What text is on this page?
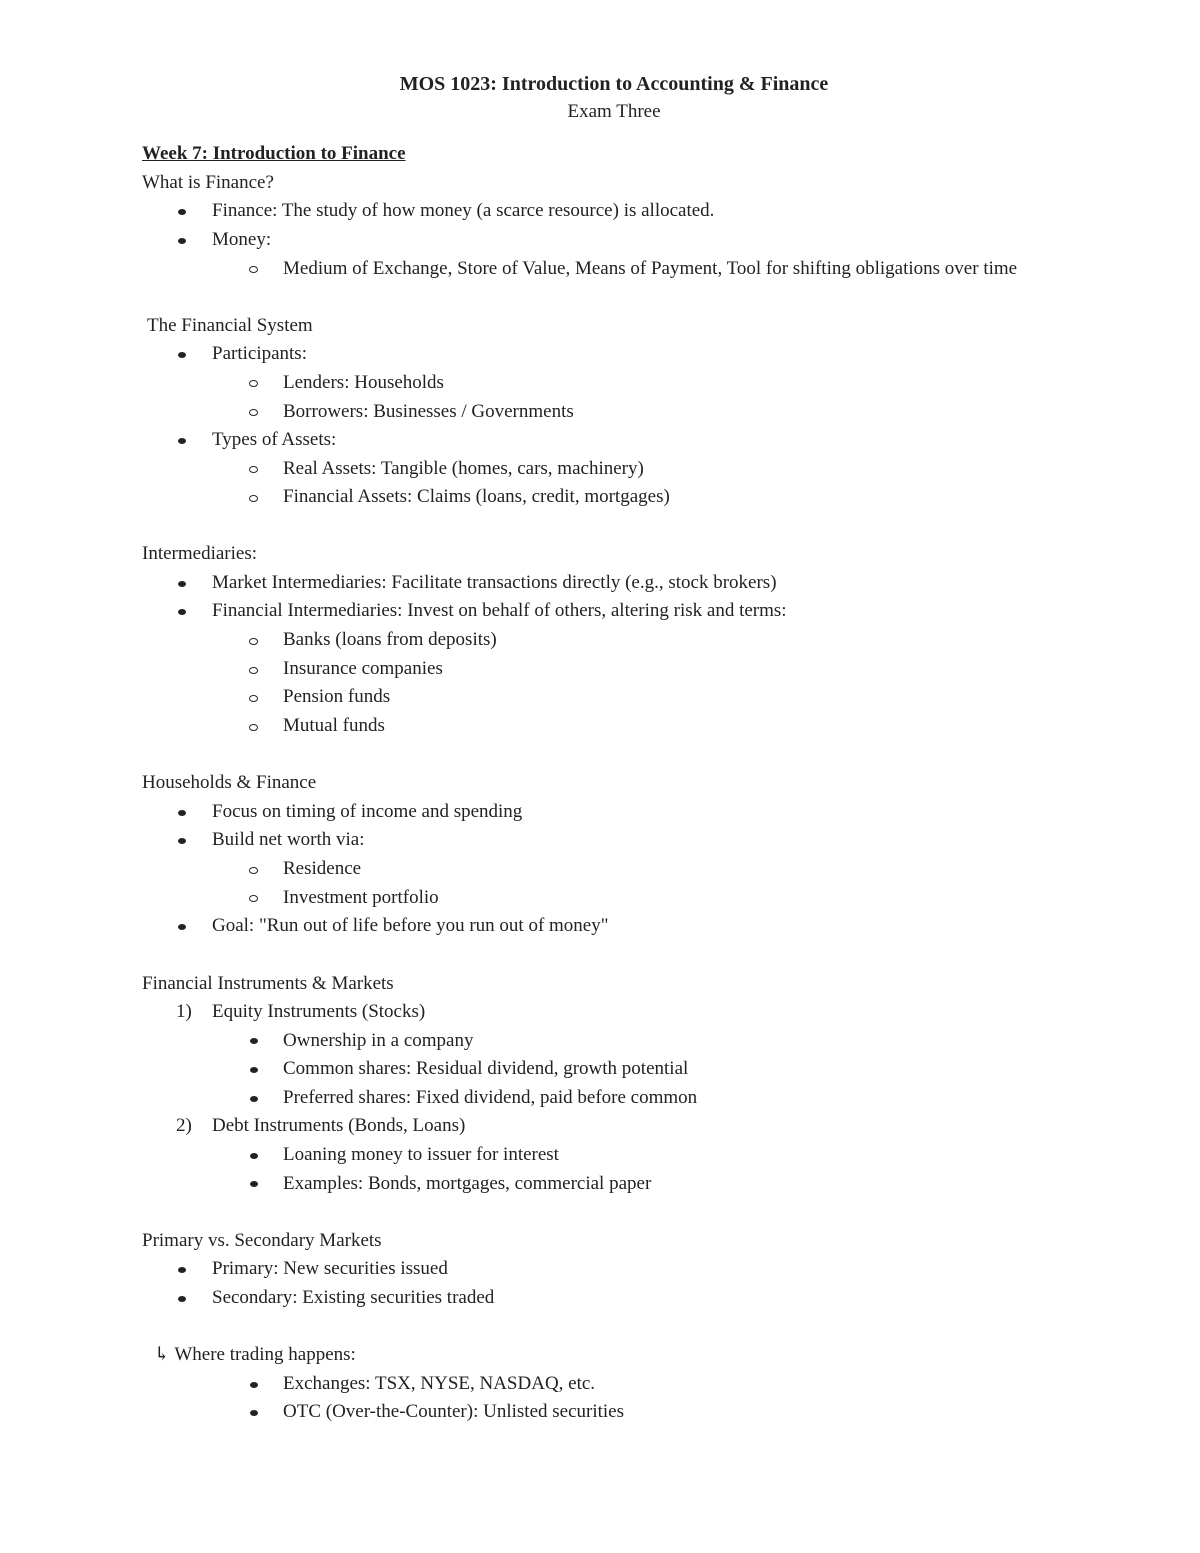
MOS 1023: Introduction to Accounting & Finance
Exam Three
Week 7: Introduction to Finance
What is Finance?
Finance: The study of how money (a scarce resource) is allocated.
Money:
Medium of Exchange, Store of Value, Means of Payment, Tool for shifting obligations over time
The Financial System
Participants:
Lenders: Households
Borrowers: Businesses / Governments
Types of Assets:
Real Assets: Tangible (homes, cars, machinery)
Financial Assets: Claims (loans, credit, mortgages)
Intermediaries:
Market Intermediaries: Facilitate transactions directly (e.g., stock brokers)
Financial Intermediaries: Invest on behalf of others, altering risk and terms:
Banks (loans from deposits)
Insurance companies
Pension funds
Mutual funds
Households & Finance
Focus on timing of income and spending
Build net worth via:
Residence
Investment portfolio
Goal: "Run out of life before you run out of money"
Financial Instruments & Markets
1) Equity Instruments (Stocks)
Ownership in a company
Common shares: Residual dividend, growth potential
Preferred shares: Fixed dividend, paid before common
2) Debt Instruments (Bonds, Loans)
Loaning money to issuer for interest
Examples: Bonds, mortgages, commercial paper
Primary vs. Secondary Markets
Primary: New securities issued
Secondary: Existing securities traded
↳ Where trading happens:
Exchanges: TSX, NYSE, NASDAQ, etc.
OTC (Over-the-Counter): Unlisted securities
